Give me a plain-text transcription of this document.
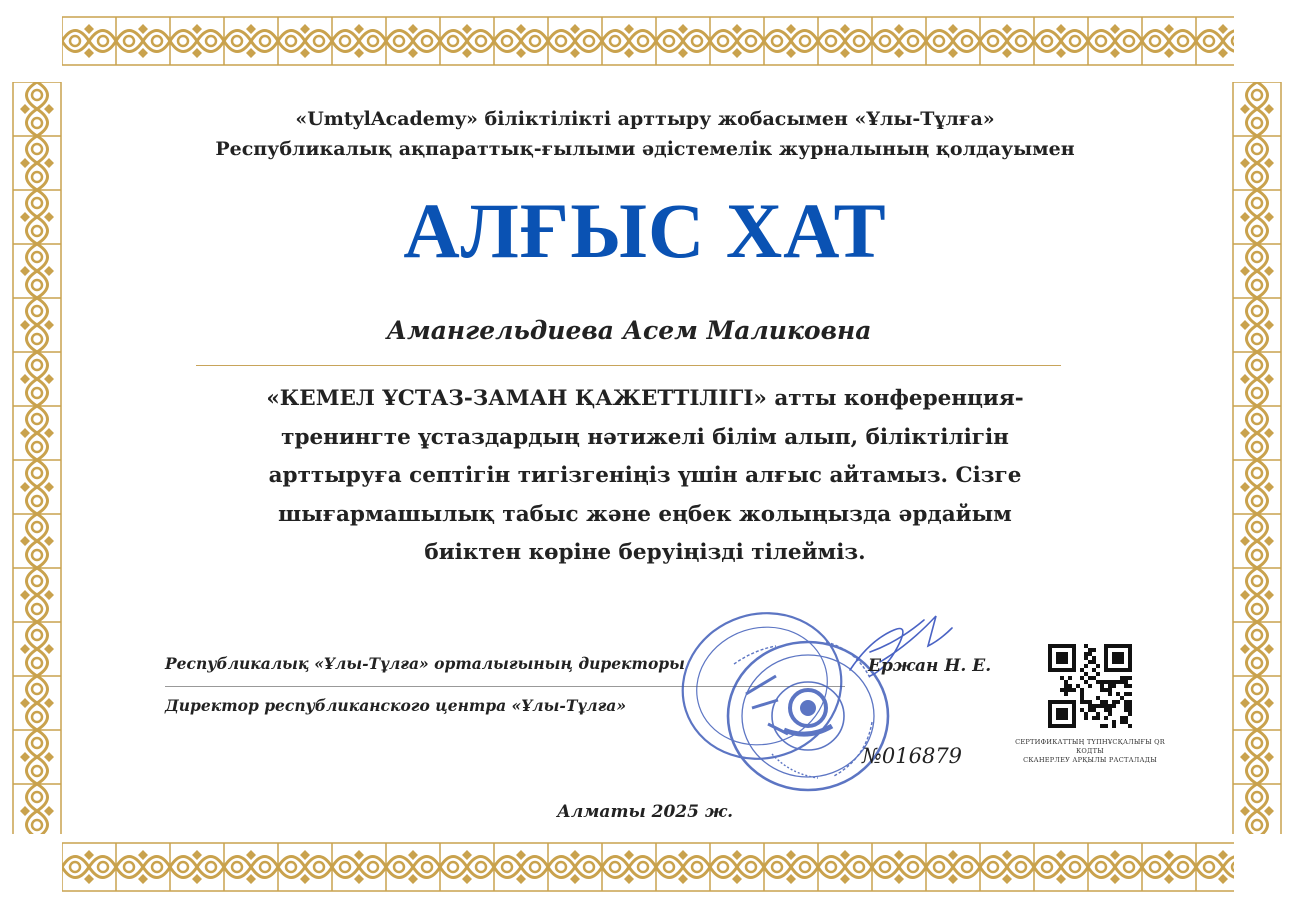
«UmtylAcademy» біліктілікті арттыру жобасымен «Ұлы-Тұлға»
Республикалық ақпараттық-ғылыми әдістемелік журналының қолдауымен
АЛҒЫС ХАТ
Амангельдиева Асем Маликовна
«КЕМЕЛ ҰСТАЗ-ЗАМАН ҚАЖЕТТІЛІГІ» атты конференция-
тренингте ұстаздардың нәтижелі білім алып, біліктілігін
арттыруға септігін тигізгеніңіз үшін алғыс айтамыз. Сізге
шығармашылық табыс және еңбек жолыңызда әрдайым
биіктен көріне беруіңізді тілейміз.
Республикалық «Ұлы-Тұлға» орталығының директоры
Директор республиканского центра «Ұлы-Тұлға»
Ержан Н. Е.
№016879
СЕРТИФИКАТТЫҢ ТҮПНҰСҚАЛЫҒЫ QR КОДТЫ
СКАНЕРЛЕУ АРҚЫЛЫ РАСТАЛАДЫ
Алматы 2025 ж.
